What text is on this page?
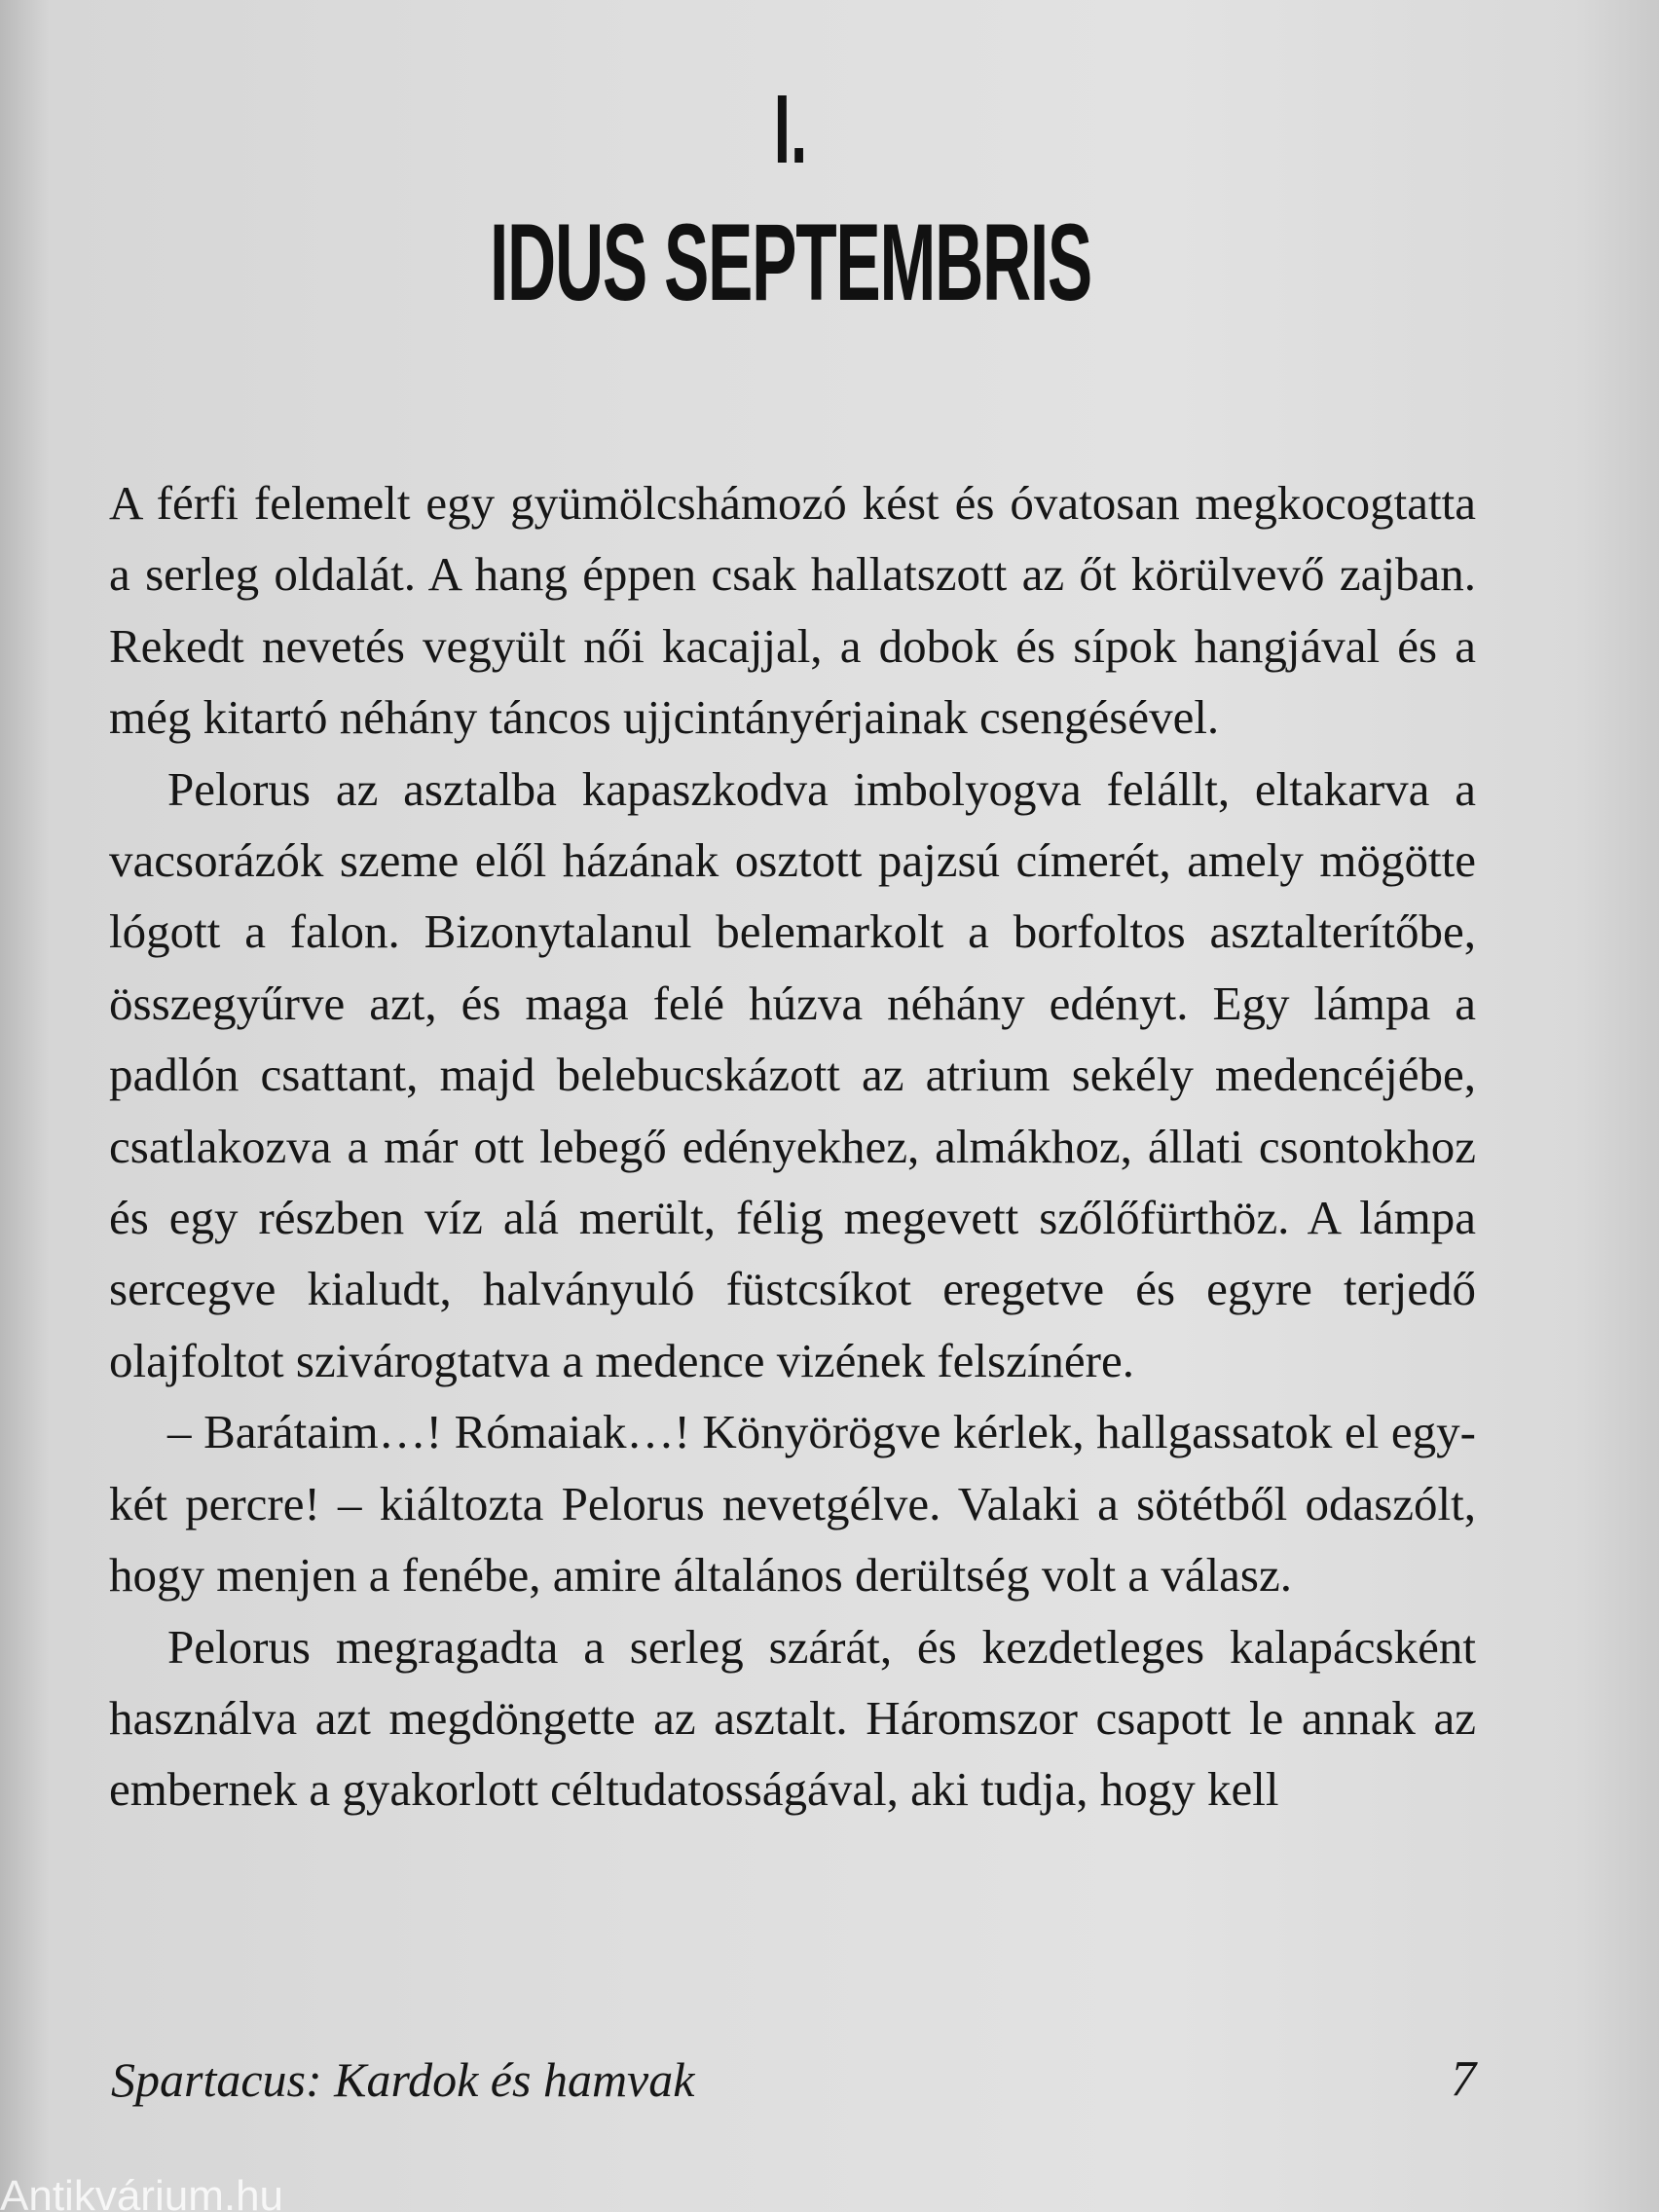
I.
IDUS SEPTEMBRIS

A férfi felemelt egy gyümölcshámozó kést és óvatosan megkocogtatta a serleg oldalát. A hang éppen csak hallatszott az őt körülvevő zajban. Rekedt nevetés vegyült női kacajjal, a dobok és sípok hangjával és a még kitartó néhány táncos ujjcintányérjainak csengésével.

Pelorus az asztalba kapaszkodva imbolyogva felállt, eltakarva a vacsorázók szeme elől házának osztott pajzsú címerét, amely mögötte lógott a falon. Bizonytalanul belemarkolt a borfoltos asztalterítőbe, összegyűrve azt, és maga felé húzva néhány edényt. Egy lámpa a padlón csattant, majd belebucskázott az atrium sekély medencéjébe, csatlakozva a már ott lebegő edényekhez, almákhoz, állati csontokhoz és egy részben víz alá merült, félig megevett szőlőfürthöz. A lámpa sercegve kialudt, halványuló füstcsíkot eregetve és egyre terjedő olajfoltot szivárogtatva a medence vizének felszínére.

– Barátaim…! Rómaiak…! Könyörögve kérlek, hallgassatok el egy-két percre! – kiáltozta Pelorus nevetgélve. Valaki a sötétből odaszólt, hogy menjen a fenébe, amire általános derültség volt a válasz.

Pelorus megragadta a serleg szárát, és kezdetleges kalapácsként használva azt megdöngette az asztalt. Háromszor csapott le annak az embernek a gyakorlott céltudatosságával, aki tudja, hogy kell

Spartacus: Kardok és hamvak	7
Antikvárium.hu
